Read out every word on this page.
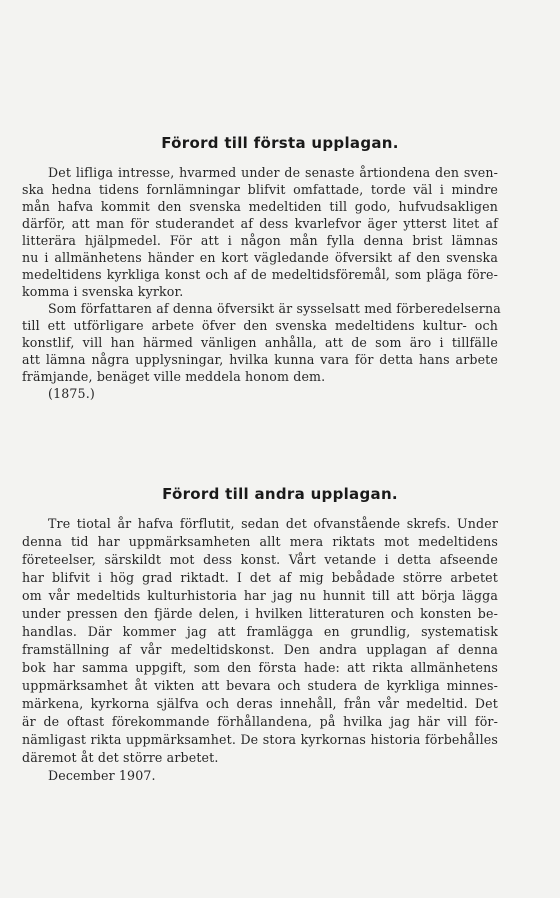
Förord till första upplagan.
Det lifliga intresse, hvarmed under de senaste årtiondena den sven-
ska hedna tidens fornlämningar blifvit omfattade, torde väl i mindre
mån hafva kommit den svenska medeltiden till godo, hufvudsakligen
därför, att man för studerandet af dess kvarlefvor äger ytterst litet af
litterära hjälpmedel. För att i någon mån fylla denna brist lämnas
nu i allmänhetens händer en kort vägledande öfversikt af den svenska
medeltidens kyrkliga konst och af de medeltidsföremål, som pläga före-
komma i svenska kyrkor.
Som författaren af denna öfversikt är sysselsatt med förberedelserna
till ett utförligare arbete öfver den svenska medeltidens kultur- och
konstlif, vill han härmed vänligen anhålla, att de som äro i tillfälle
att lämna några upplysningar, hvilka kunna vara för detta hans arbete
främjande, benäget ville meddela honom dem.
(1875.)
Förord till andra upplagan.
Tre tiotal år hafva förflutit, sedan det ofvanstående skrefs. Under
denna tid har uppmärksamheten allt mera riktats mot medeltidens
företeelser, särskildt mot dess konst. Vårt vetande i detta afseende
har blifvit i hög grad riktadt. I det af mig bebådade större arbetet
om vår medeltids kulturhistoria har jag nu hunnit till att börja lägga
under pressen den fjärde delen, i hvilken litteraturen och konsten be-
handlas. Där kommer jag att framlägga en grundlig, systematisk
framställning af vår medeltidskonst. Den andra upplagan af denna
bok har samma uppgift, som den första hade: att rikta allmänhetens
uppmärksamhet åt vikten att bevara och studera de kyrkliga minnes-
märkena, kyrkorna själfva och deras innehåll, från vår medeltid. Det
är de oftast förekommande förhållandena, på hvilka jag här vill för-
nämligast rikta uppmärksamhet. De stora kyrkornas historia förbehålles
däremot åt det större arbetet.
December 1907.
